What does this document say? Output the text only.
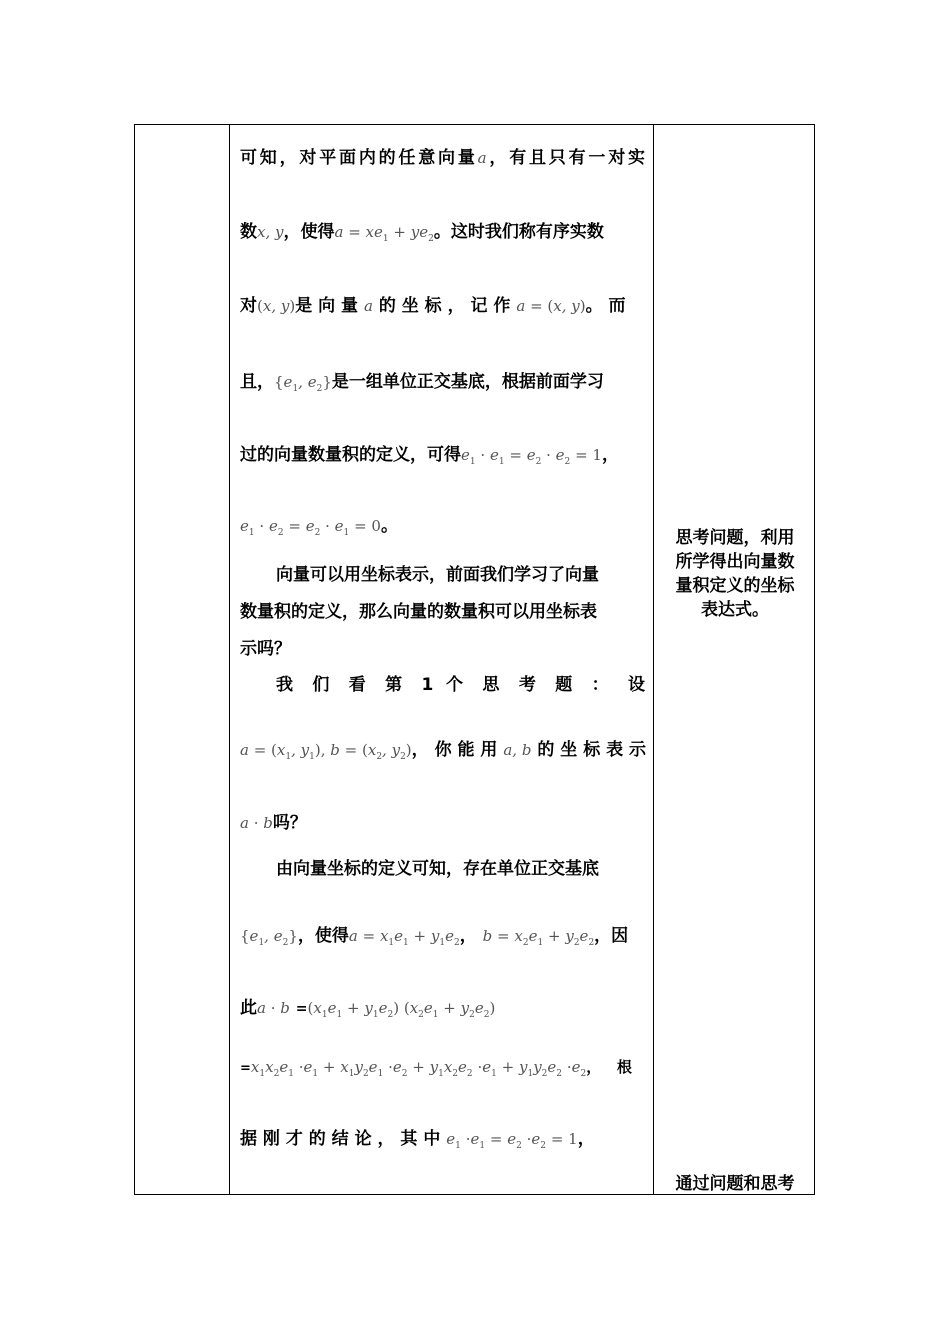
可知，对平面内的任意向量a，有且只有一对实
数x, y，使得$a = xe_1 + ye_2$。这时我们称有序实数
对(x, y)是 向 量 a 的 坐 标 ， 记 作 a = (x, y)。 而
且，{$e_1$, $e_2$}是一组单位正交基底，根据前面学习
过的向量数量积的定义，可得$e_1 \cdot e_1 = e_2 \cdot e_2 = 1$，
$e_1 \cdot e_2 = e_2 \cdot e_1 = 0$。
向量可以用坐标表示，前面我们学习了向量
数量积的定义，那么向量的数量积可以用坐标表
示吗？
我 们 看 第 1 个 思 考 题 ： 设
$a = (x_1$, $y_1$), $b = (x_2$, $y_2$)， 你 能 用 a, b 的 坐 标 表 示
a · b吗？
由向量坐标的定义可知，存在单位正交基底
{$e_1$, $e_2$}，使得$a = x_1e_1 + y_1e_2$， $b = x_2e_1 + y_2e_2$，因
此$a \cdot b =(x_1e_1 + y_1e_2) (x_2e_1 + y_2e_2)$
$=x_1x_2e_1 \cdot e_1 + x_1y_2e_1 \cdot e_2 + y_1x_2e_2 \cdot e_1 + y_1y_2e_2 \cdot e_2$，   根
据 刚 才 的 结 论 ， 其 中 $e_1 \cdot e_1 = e_2 \cdot e_2 = 1$，
思考问题，利用
所学得出向量数
量积定义的坐标
表达式。
通过问题和思考
